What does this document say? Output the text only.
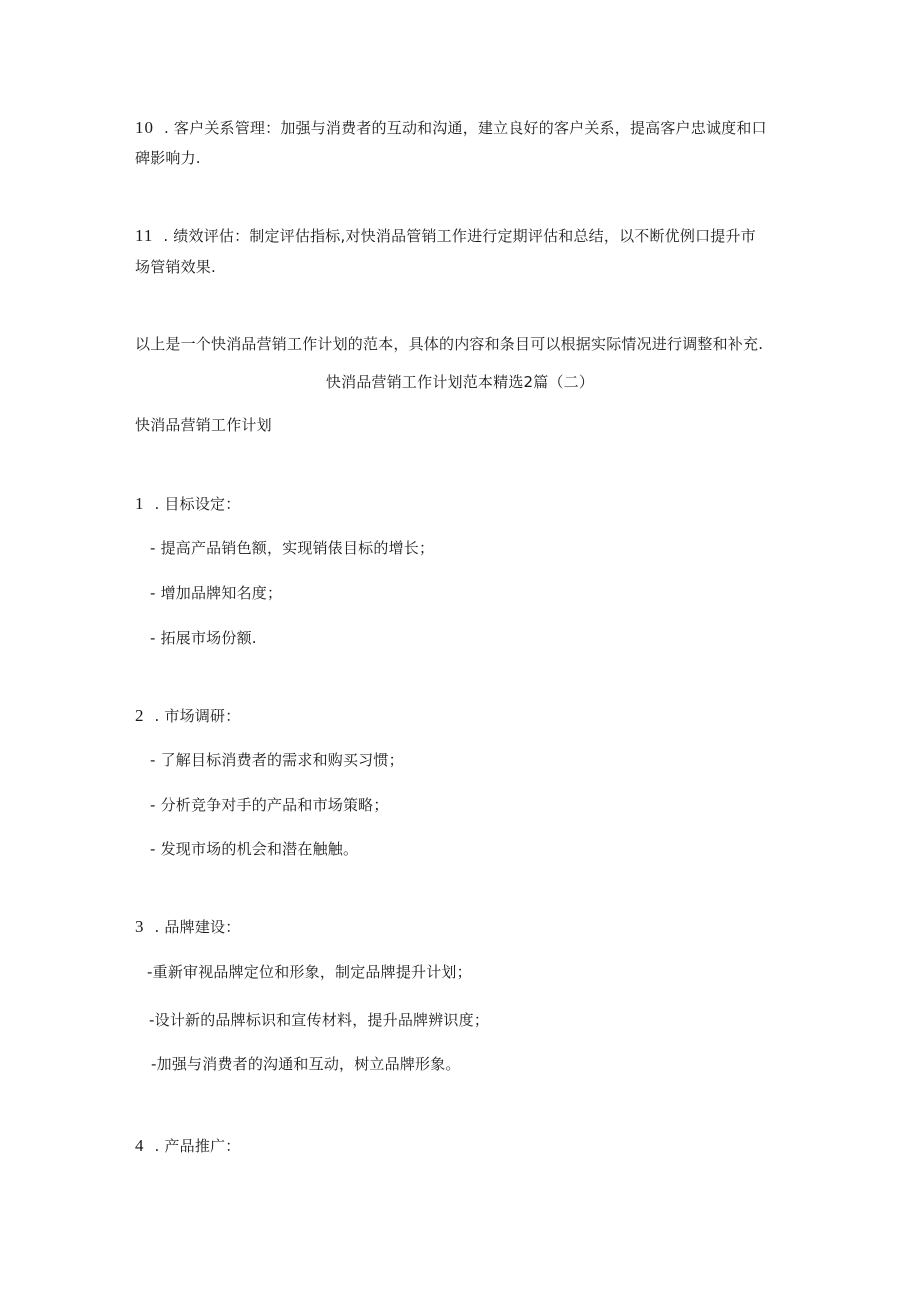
10 . 客户关系管理：加强与消费者的互动和沟通，建立良好的客户关系，提高客户忠诚度和口
碑影响力.
11 . 绩效评估：制定评估指标,对快消品管销工作进行定期评估和总结，以不断优例口提升市
场管销效果.
以上是一个快消品营销工作计划的范本，具体的内容和条目可以根据实际情况进行调整和补充.
快消品营销工作计划范本精选2篇（二）
快消品营销工作计划
1 . 目标设定：
- 提高产品销色额，实现销俵目标的增长；
- 增加品牌知名度；
- 拓展市场份额.
2 . 市场调研：
- 了解目标消费者的需求和购买习惯；
- 分析竞争对手的产品和市场策略；
- 发现市场的机会和潜在触触。
3 . 品牌建设：
-重新审视品牌定位和形象，制定品牌提升计划；
-设计新的品牌标识和宣传材料，提升品牌辨识度；
-加强与消费者的沟通和互动，树立品牌形象。
4 . 产品推广：
